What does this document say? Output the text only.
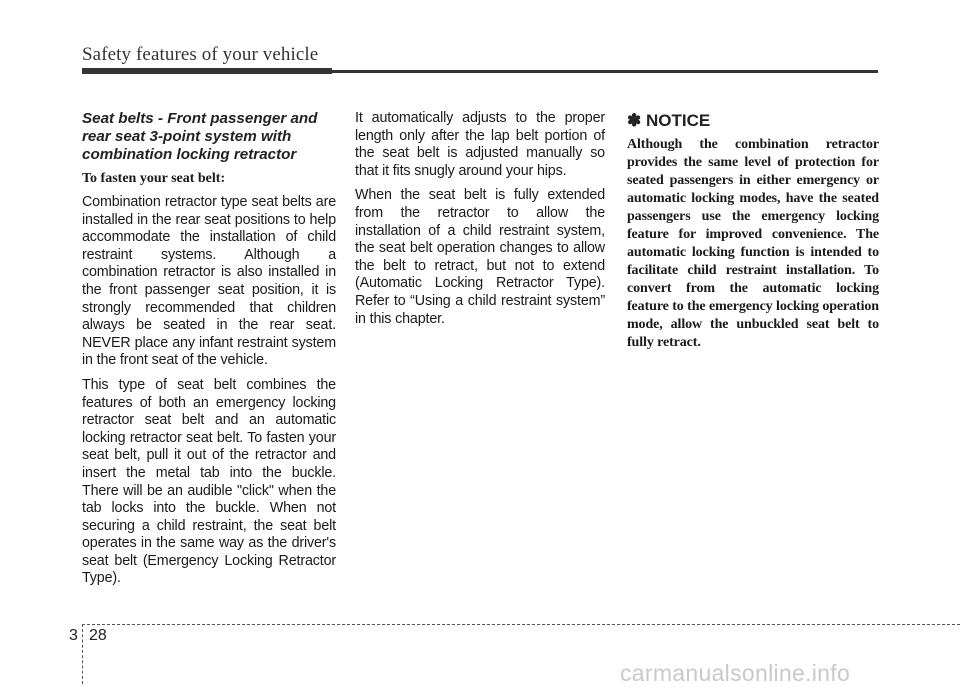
Safety features of your vehicle

Seat belts - Front passenger and rear seat 3-point system with combination locking retractor

To fasten your seat belt:

Combination retractor type seat belts are installed in the rear seat positions to help accommodate the installation of child restraint systems. Although a combination retractor is also installed in the front passenger seat position, it is strongly recommended that children always be seated in the rear seat. NEVER place any infant restraint system in the front seat of the vehicle.

This type of seat belt combines the features of both an emergency locking retractor seat belt and an automatic locking retractor seat belt. To fasten your seat belt, pull it out of the retractor and insert the metal tab into the buckle. There will be an audible "click" when the tab locks into the buckle. When not securing a child restraint, the seat belt operates in the same way as the driver's seat belt (Emergency Locking Retractor Type).

It automatically adjusts to the proper length only after the lap belt portion of the seat belt is adjusted manually so that it fits snugly around your hips.

When the seat belt is fully extended from the retractor to allow the installation of a child restraint system, the seat belt operation changes to allow the belt to retract, but not to extend (Automatic Locking Retractor Type). Refer to “Using a child restraint system” in this chapter.

✽ NOTICE

Although the combination retractor provides the same level of protection for seated passengers in either emergency or automatic locking modes, have the seated passengers use the emergency locking feature for improved convenience. The automatic locking function is intended to facilitate child restraint installation. To convert from the automatic locking feature to the emergency locking operation mode, allow the unbuckled seat belt to fully retract.

3 28
carmanualsonline.info
